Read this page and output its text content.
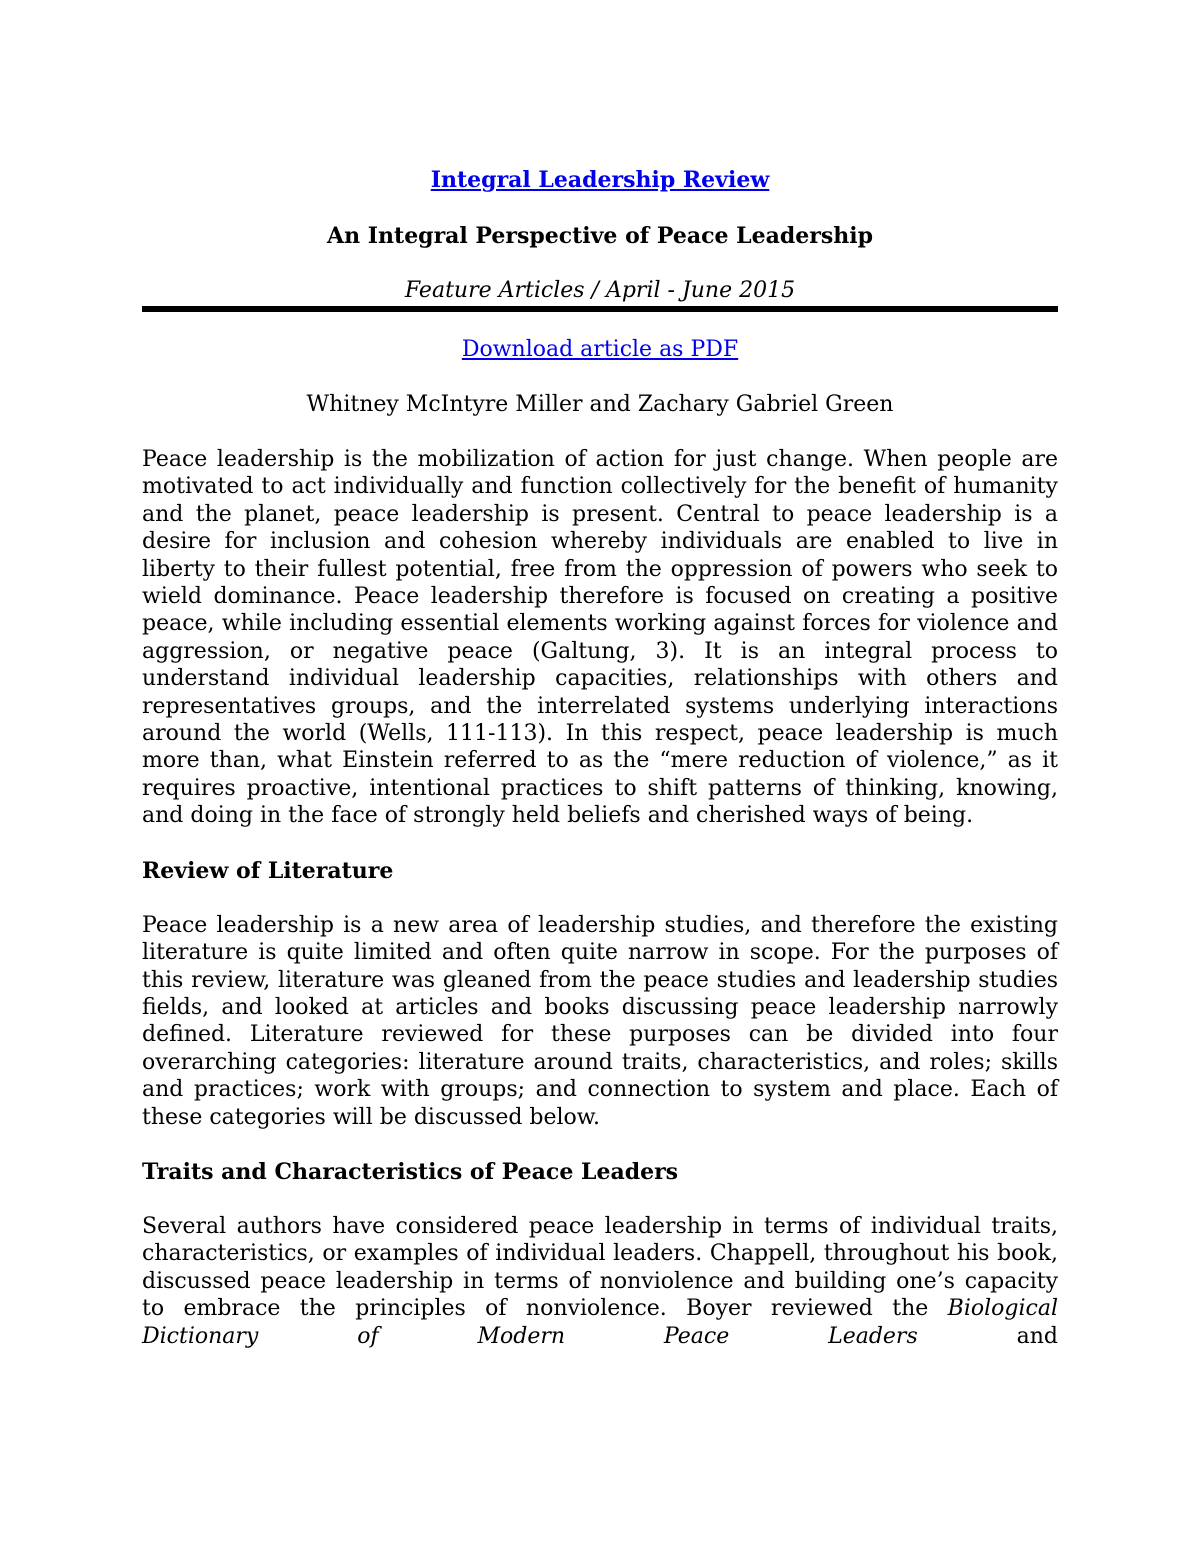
Integral Leadership Review

An Integral Perspective of Peace Leadership

Feature Articles / April - June 2015

Download article as PDF

Whitney McIntyre Miller and Zachary Gabriel Green

Peace leadership is the mobilization of action for just change. When people are motivated to act individually and function collectively for the benefit of humanity and the planet, peace leadership is present. Central to peace leadership is a desire for inclusion and cohesion whereby individuals are enabled to live in liberty to their fullest potential, free from the oppression of powers who seek to wield dominance. Peace leadership therefore is focused on creating a positive peace, while including essential elements working against forces for violence and aggression, or negative peace (Galtung, 3). It is an integral process to understand individual leadership capacities, relationships with others and representatives groups, and the interrelated systems underlying interactions around the world (Wells, 111-113). In this respect, peace leadership is much more than, what Einstein referred to as the “mere reduction of violence,” as it requires proactive, intentional practices to shift patterns of thinking, knowing, and doing in the face of strongly held beliefs and cherished ways of being.

Review of Literature

Peace leadership is a new area of leadership studies, and therefore the existing literature is quite limited and often quite narrow in scope. For the purposes of this review, literature was gleaned from the peace studies and leadership studies fields, and looked at articles and books discussing peace leadership narrowly defined. Literature reviewed for these purposes can be divided into four overarching categories: literature around traits, characteristics, and roles; skills and practices; work with groups; and connection to system and place. Each of these categories will be discussed below.

Traits and Characteristics of Peace Leaders

Several authors have considered peace leadership in terms of individual traits, characteristics, or examples of individual leaders. Chappell, throughout his book, discussed peace leadership in terms of nonviolence and building one’s capacity to embrace the principles of nonviolence. Boyer reviewed the Biological Dictionary of Modern Peace Leaders and
